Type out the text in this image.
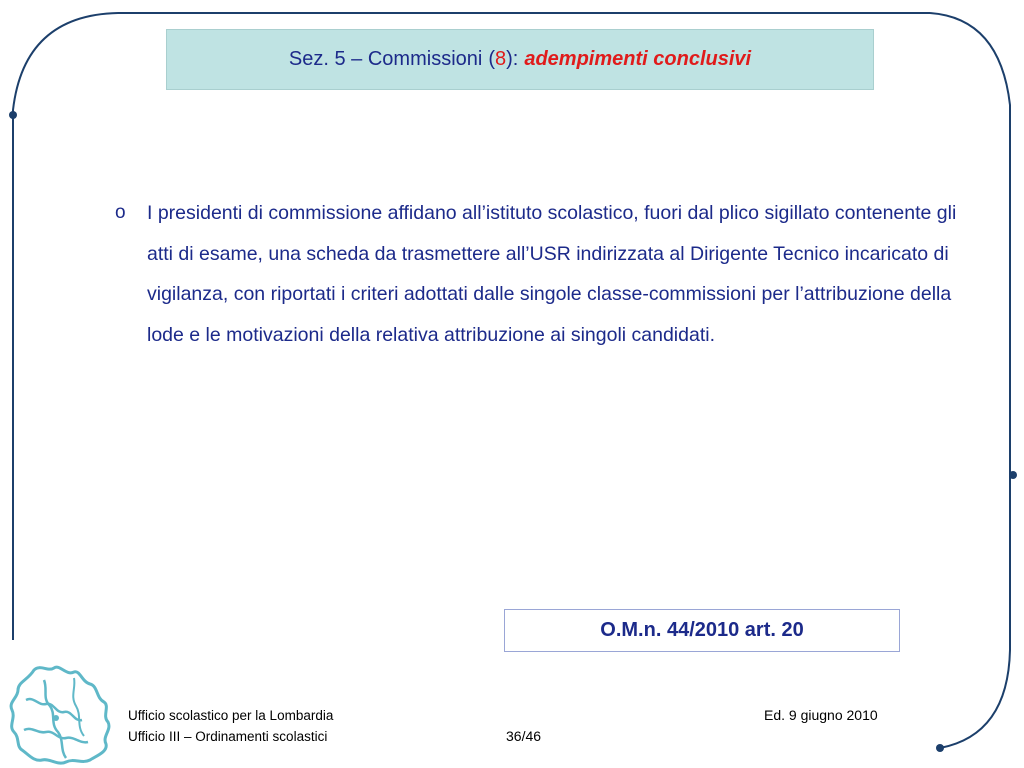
Sez. 5 – Commissioni ( 8 ): adempimenti conclusivi
o	I presidenti di commissione affidano all’istituto scolastico, fuori dal plico sigillato contenente gli atti di esame, una scheda da trasmettere all’USR indirizzata al Dirigente Tecnico incaricato di vigilanza, con riportati i criteri adottati dalle singole classe-commissioni per l’attribuzione della lode e le motivazioni della relativa attribuzione ai singoli candidati.
O.M.n. 44/2010 art. 20
Ufficio scolastico per la Lombardia
Ufficio III – Ordinamenti scolastici	36/46
Ed. 9 giugno 2010
